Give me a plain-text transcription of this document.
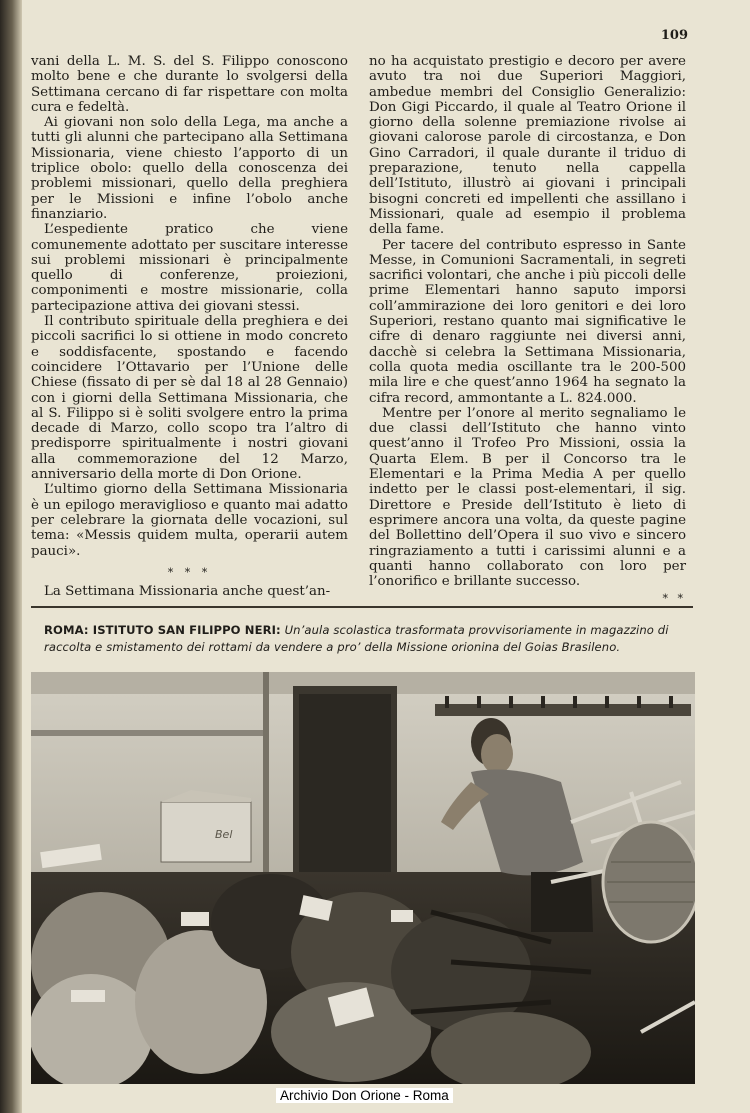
109

vani della L. M. S. del S. Filippo conoscono molto bene e che durante lo svolgersi della Settimana cercano di far rispettare con molta cura e fedeltà.

Ai giovani non solo della Lega, ma anche a tutti gli alunni che partecipano alla Settimana Missionaria, viene chiesto l’apporto di un triplice obolo: quello della conoscenza dei problemi missionari, quello della preghiera per le Missioni e infine l’obolo anche finanziario.

L’espediente pratico che viene comunemente adottato per suscitare interesse sui problemi missionari è principalmente quello di conferenze, proiezioni, componimenti e mostre missionarie, colla partecipazione attiva dei giovani stessi.

Il contributo spirituale della preghiera e dei piccoli sacrifici lo si ottiene in modo concreto e soddisfacente, spostando e facendo coincidere l’Ottavario per l’Unione delle Chiese (fissato di per sè dal 18 al 28 Gennaio) con i giorni della Settimana Missionaria, che al S. Filippo si è soliti svolgere entro la prima decade di Marzo, collo scopo tra l’altro di predisporre spiritualmente i nostri giovani alla commemorazione del 12 Marzo, anniversario della morte di Don Orione.

L’ultimo giorno della Settimana Missionaria è un epilogo meraviglioso e quanto mai adatto per celebrare la giornata delle vocazioni, sul tema: «Messis quidem multa, operarii autem pauci».

* * *

La Settimana Missionaria anche quest’an-

no ha acquistato prestigio e decoro per avere avuto tra noi due Superiori Maggiori, ambedue membri del Consiglio Generalizio: Don Gigi Piccardo, il quale al Teatro Orione il giorno della solenne premiazione rivolse ai giovani calorose parole di circostanza, e Don Gino Carradori, il quale durante il triduo di preparazione, tenuto nella cappella dell’Istituto, illustrò ai giovani i principali bisogni concreti ed impellenti che assillano i Missionari, quale ad esempio il problema della fame.

Per tacere del contributo espresso in Sante Messe, in Comunioni Sacramentali, in segreti sacrifici volontari, che anche i più piccoli delle prime Elementari hanno saputo imporsi coll’ammirazione dei loro genitori e dei loro Superiori, restano quanto mai significative le cifre di denaro raggiunte nei diversi anni, dacchè si celebra la Settimana Missionaria, colla quota media oscillante tra le 200-500 mila lire e che quest’anno 1964 ha segnato la cifra record, ammontante a L. 824.000.

Mentre per l’onore al merito segnaliamo le due classi dell’Istituto che hanno vinto quest’anno il Trofeo Pro Missioni, ossia la Quarta Elem. B per il Concorso tra le Elementari e la Prima Media A per quello indetto per le classi post-elementari, il sig. Direttore e Preside dell’Istituto è lieto di esprimere ancora una volta, da queste pagine del Bollettino dell’Opera il suo vivo e sincero ringraziamento a tutti i carissimi alunni e a quanti hanno collaborato con loro per l’onorifico e brillante successo.

* *

ROMA: ISTITUTO SAN FILIPPO NERI: Un’aula scolastica trasformata provvisoriamente in magazzino di raccolta e smistamento dei rottami da vendere a pro’ della Missione orionina del Goias Brasileno.
Bel
Archivio Don Orione - Roma
